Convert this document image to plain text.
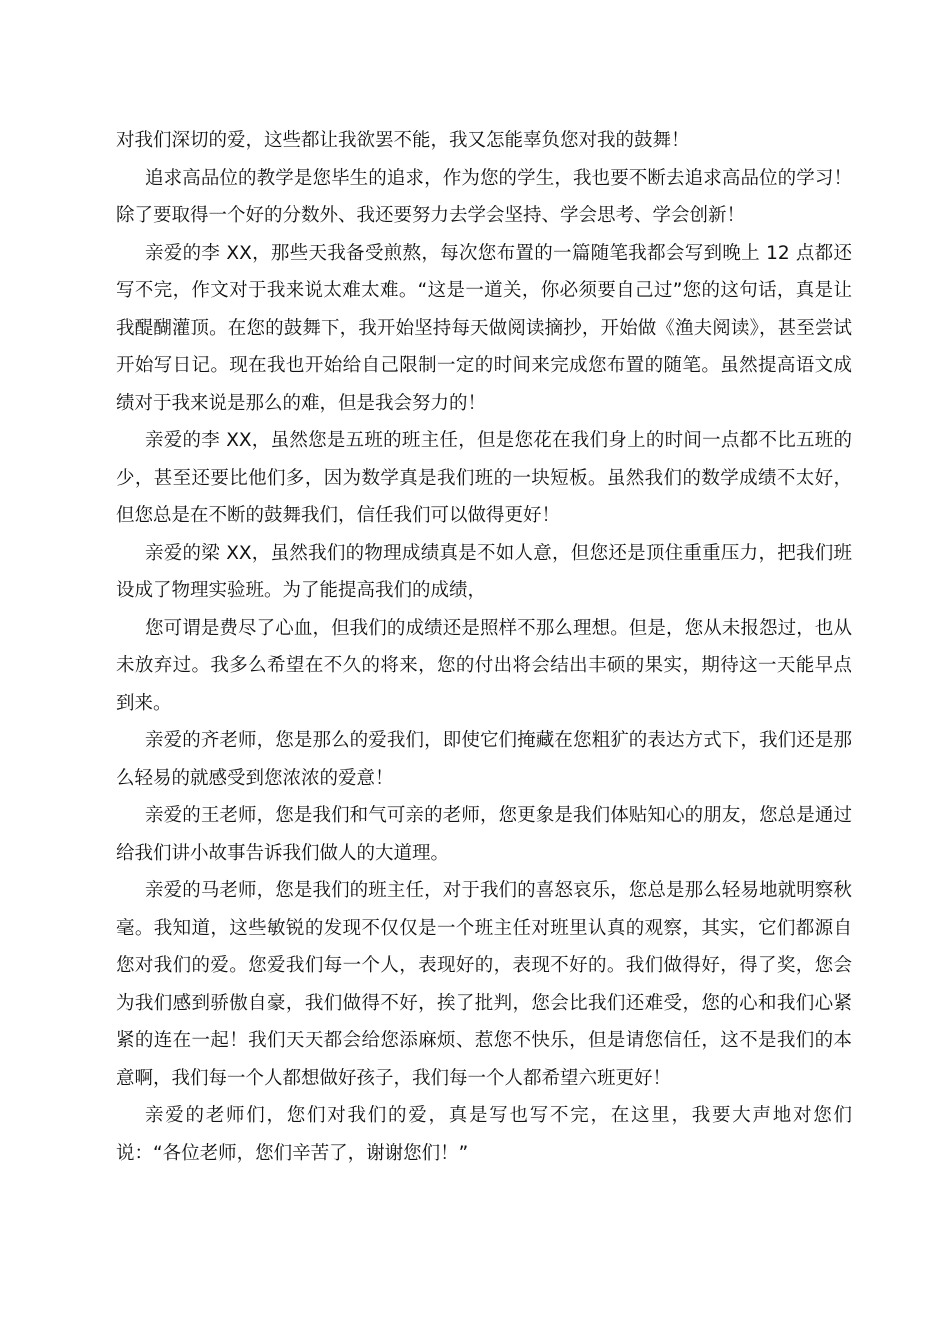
对我们深切的爱，这些都让我欲罢不能，我又怎能辜负您对我的鼓舞！

追求高品位的教学是您毕生的追求，作为您的学生，我也要不断去追求高品位的学习！除了要取得一个好的分数外、我还要努力去学会坚持、学会思考、学会创新！

亲爱的李 XX，那些天我备受煎熬，每次您布置的一篇随笔我都会写到晚上 12 点都还写不完，作文对于我来说太难太难。“这是一道关，你必须要自己过”您的这句话，真是让我醍醐灌顶。在您的鼓舞下，我开始坚持每天做阅读摘抄，开始做《渔夫阅读》，甚至尝试开始写日记。现在我也开始给自己限制一定的时间来完成您布置的随笔。虽然提高语文成绩对于我来说是那么的难，但是我会努力的！

亲爱的李 XX，虽然您是五班的班主任，但是您花在我们身上的时间一点都不比五班的少，甚至还要比他们多，因为数学真是我们班的一块短板。虽然我们的数学成绩不太好，但您总是在不断的鼓舞我们，信任我们可以做得更好！

亲爱的梁 XX，虽然我们的物理成绩真是不如人意，但您还是顶住重重压力，把我们班设成了物理实验班。为了能提高我们的成绩，

您可谓是费尽了心血，但我们的成绩还是照样不那么理想。但是，您从未报怨过，也从未放弃过。我多么希望在不久的将来，您的付出将会结出丰硕的果实，期待这一天能早点到来。

亲爱的齐老师，您是那么的爱我们，即使它们掩藏在您粗犷的表达方式下，我们还是那么轻易的就感受到您浓浓的爱意！

亲爱的王老师，您是我们和气可亲的老师，您更象是我们体贴知心的朋友，您总是通过给我们讲小故事告诉我们做人的大道理。

亲爱的马老师，您是我们的班主任，对于我们的喜怒哀乐，您总是那么轻易地就明察秋毫。我知道，这些敏锐的发现不仅仅是一个班主任对班里认真的观察，其实，它们都源自您对我们的爱。您爱我们每一个人，表现好的，表现不好的。我们做得好，得了奖，您会为我们感到骄傲自豪，我们做得不好，挨了批判，您会比我们还难受，您的心和我们心紧紧的连在一起！我们天天都会给您添麻烦、惹您不快乐，但是请您信任，这不是我们的本意啊，我们每一个人都想做好孩子，我们每一个人都希望六班更好！

亲爱的老师们，您们对我们的爱，真是写也写不完，在这里，我要大声地对您们说：“各位老师，您们辛苦了，谢谢您们！”
